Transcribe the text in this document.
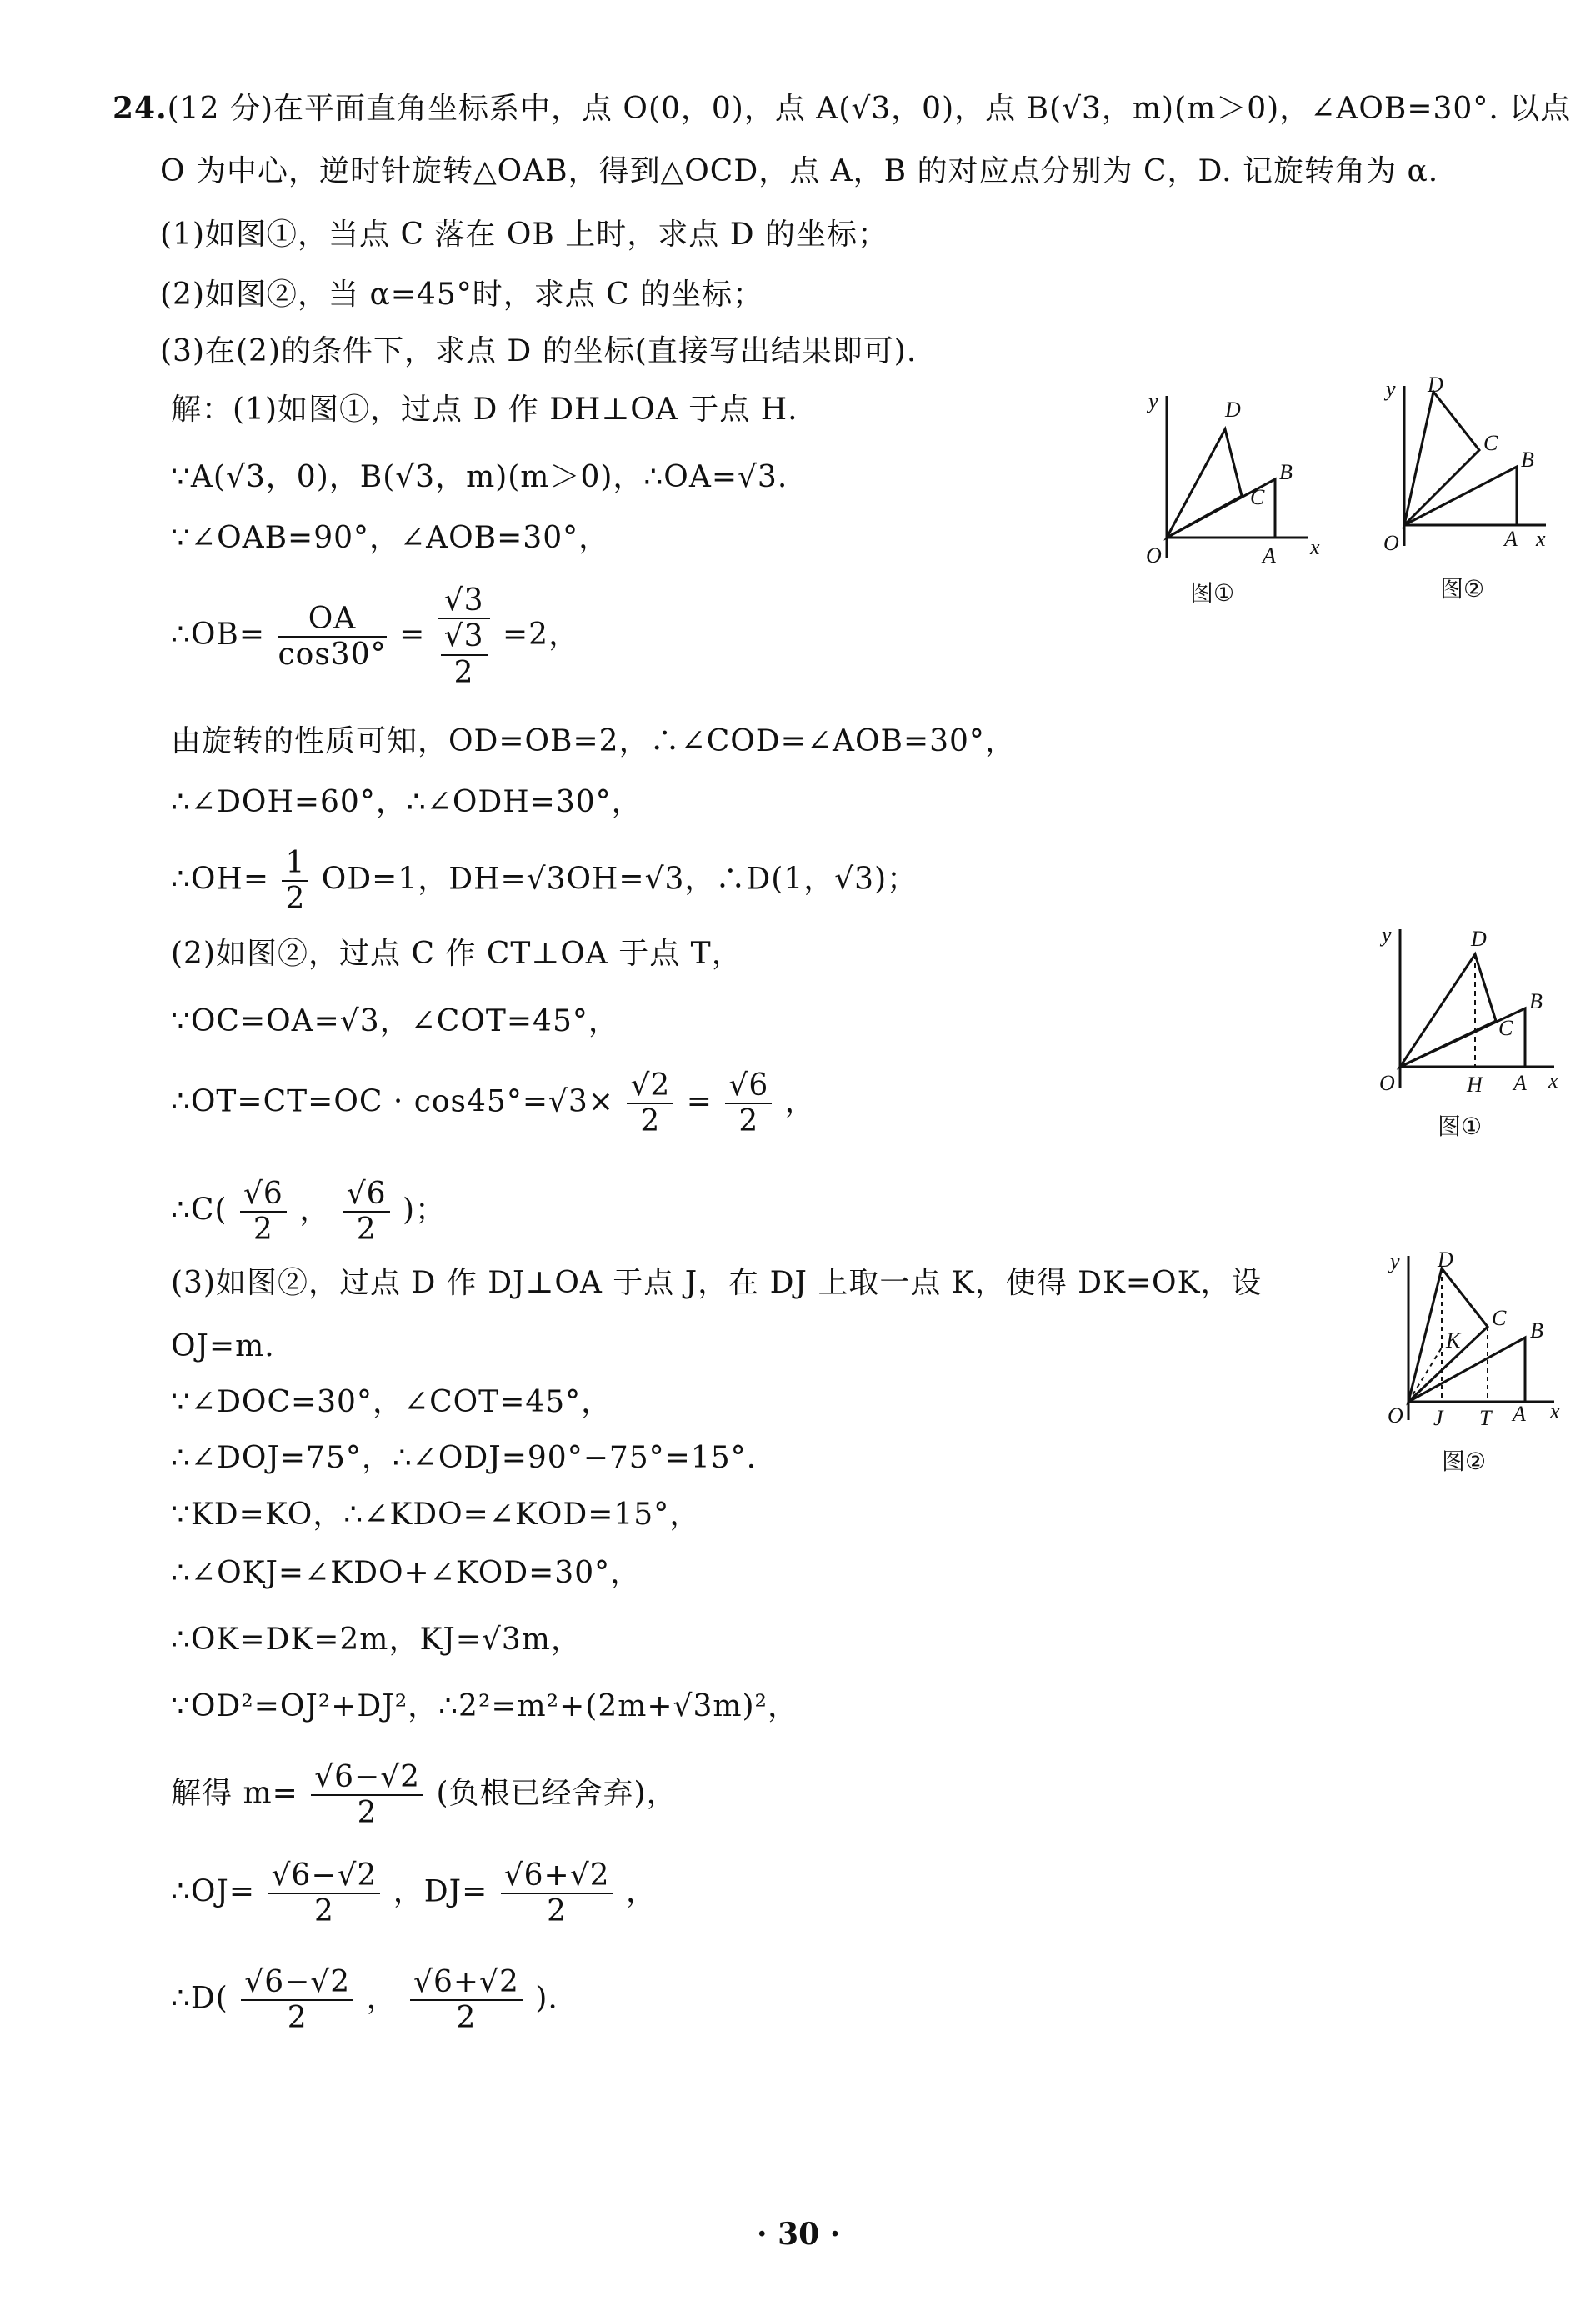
24.(12 分)在平面直角坐标系中，点 O(0，0)，点 A(√3，0)，点 B(√3，m)(m＞0)，∠AOB=30°. 以点
O 为中心，逆时针旋转△OAB，得到△OCD，点 A，B 的对应点分别为 C，D. 记旋转角为 α.
(1)如图①，当点 C 落在 OB 上时，求点 D 的坐标；
(2)如图②，当 α=45°时，求点 C 的坐标；
(3)在(2)的条件下，求点 D 的坐标(直接写出结果即可).
解：(1)如图①，过点 D 作 DH⊥OA 于点 H.
∵A(√3，0)，B(√3，m)(m＞0)，∴OA=√3.
∵∠OAB=90°，∠AOB=30°，
∴OB= $\frac{OA}{\cos 30^\circ} = \frac{√3}{\frac{√3}{2}} =2$，
由旋转的性质可知，OD=OB=2，∴∠COD=∠AOB=30°，
∴∠DOH=60°，∴∠ODH=30°，
∴OH= $\frac{1}{2} OD=1$，DH=√3OH=√3，∴D(1，√3)；
(2)如图②，过点 C 作 CT⊥OA 于点 T，
∵OC=OA=√3，∠COT=45°，
∴OT=CT=OC · $\cos 45^\circ=√3\times \frac{√2}{2} = \frac{√6}{2}$ ，
∴C( $\frac{√6}{2}$ ， $\frac{√6}{2}$ )；
(3)如图②，过点 D 作 DJ⊥OA 于点 J，在 DJ 上取一点 K，使得 DK=OK，设
OJ=m.
∵∠DOC=30°，∠COT=45°，
∴∠DOJ=75°，∴∠ODJ=90°−75°=15°.
∵KD=KO，∴∠KDO=∠KOD=15°，
∴∠OKJ=∠KDO+∠KOD=30°，
∴OK=DK=2m，KJ=√3m，
∵OD²=OJ²+DJ²，∴2²=m²+(2m+√3m)²，
解得 $m= \frac{√6-√2}{2}$ (负根已经舍弃)，
∴OJ= $\frac{√6-√2}{2}$ ，$DJ= \frac{√6+√2}{2}$ ，
∴D( $\frac{√6-√2}{2}$ ， $\frac{√6+√2}{2}$ ).
y
x
O	A
B
C
D
图①
y
x
O	A
B
C
D
图②
y
x
O	H A
B
C
D
图①
y
x
O J T A
B
C
D
K
图②
· 30 ·
